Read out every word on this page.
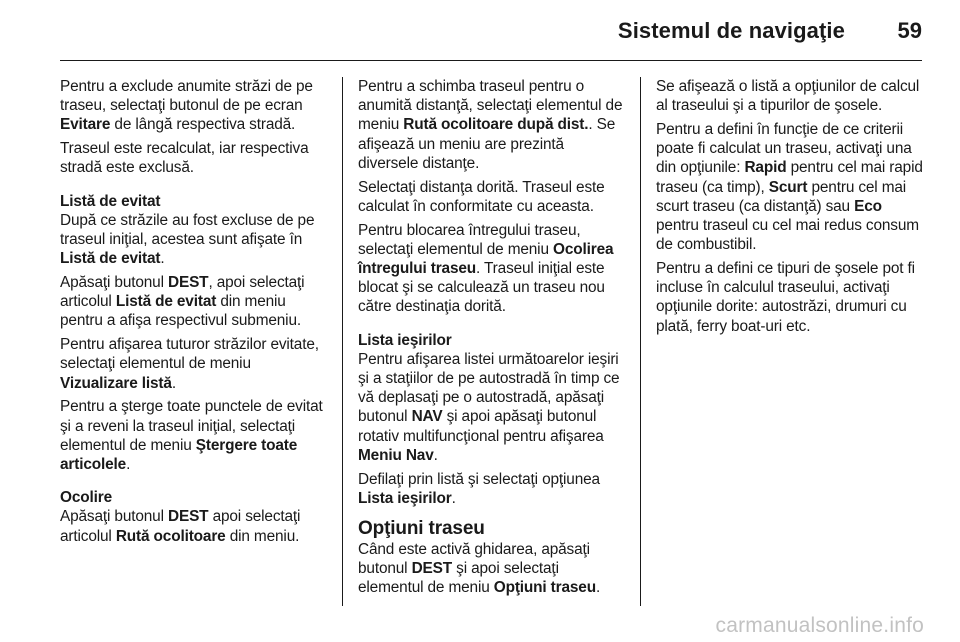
Sistemul de navigaţie 59

Pentru a exclude anumite străzi de pe traseu, selectaţi butonul de pe ecran Evitare de lângă respectiva stradă.

Traseul este recalculat, iar respectiva stradă este exclusă.

Listă de evitat

După ce străzile au fost excluse de pe traseul iniţial, acestea sunt afişate în Listă de evitat.

Apăsaţi butonul DEST, apoi selectaţi articolul Listă de evitat din meniu pentru a afişa respectivul submeniu.

Pentru afişarea tuturor străzilor evitate, selectaţi elementul de meniu Vizualizare listă.

Pentru a şterge toate punctele de evitat şi a reveni la traseul iniţial, selectaţi elementul de meniu Ştergere toate articolele.

Ocolire

Apăsaţi butonul DEST apoi selectaţi articolul Rută ocolitoare din meniu.

Pentru a schimba traseul pentru o anumită distanţă, selectaţi elementul de meniu Rută ocolitoare după dist.. Se afişează un meniu are prezintă diversele distanţe.

Selectaţi distanţa dorită. Traseul este calculat în conformitate cu aceasta.

Pentru blocarea întregului traseu, selectaţi elementul de meniu Ocolirea întregului traseu. Traseul iniţial este blocat şi se calculează un traseu nou către destinaţia dorită.

Lista ieşirilor

Pentru afişarea listei următoarelor ieşiri şi a staţiilor de pe autostradă în timp ce vă deplasaţi pe o autostradă, apăsaţi butonul NAV şi apoi apăsaţi butonul rotativ multifuncţional pentru afişarea Meniu Nav.

Defilaţi prin listă şi selectaţi opţiunea Lista ieşirilor.

Opţiuni traseu

Când este activă ghidarea, apăsaţi butonul DEST şi apoi selectaţi elementul de meniu Opţiuni traseu.

Se afişează o listă a opţiunilor de calcul al traseului şi a tipurilor de şosele.

Pentru a defini în funcţie de ce criterii poate fi calculat un traseu, activaţi una din opţiunile: Rapid pentru cel mai rapid traseu (ca timp), Scurt pentru cel mai scurt traseu (ca distanţă) sau Eco pentru traseul cu cel mai redus consum de combustibil.

Pentru a defini ce tipuri de şosele pot fi incluse în calculul traseului, activaţi opţiunile dorite: autostrăzi, drumuri cu plată, ferry boat-uri etc.

carmanualsonline.info
